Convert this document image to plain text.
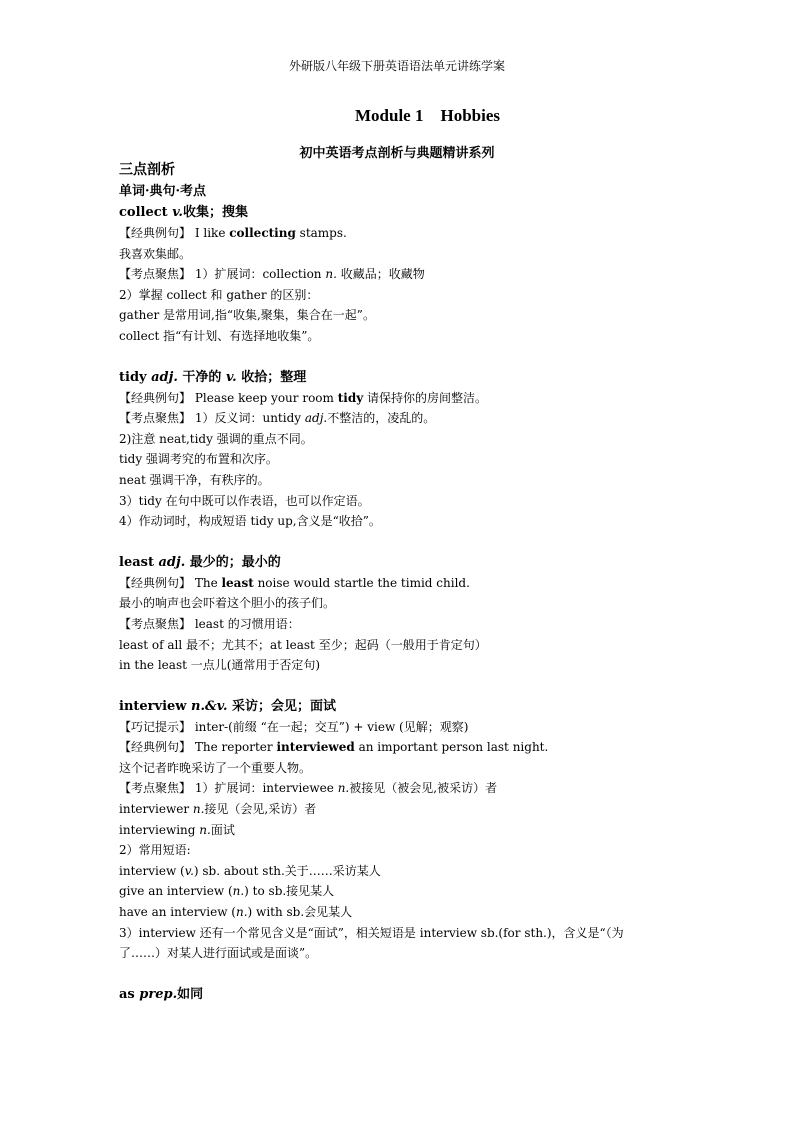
外研版八年级下册英语语法单元讲练学案
Module 1    Hobbies
初中英语考点剖析与典题精讲系列
三点剖析
单词·典句·考点
collect v.收集；搜集
【经典例句】 I like collecting stamps.
我喜欢集邮。
【考点聚焦】 1）扩展词：collection n. 收藏品；收藏物
2）掌握 collect 和 gather 的区别：
gather 是常用词,指“收集,聚集，集合在一起”。
collect 指“有计划、有选择地收集”。
tidy adj. 干净的 v. 收拾；整理
【经典例句】 Please keep your room tidy 请保持你的房间整洁。
【考点聚焦】 1）反义词：untidy adj.不整洁的，凌乱的。
2)注意 neat,tidy 强调的重点不同。
tidy 强调考究的布置和次序。
neat 强调干净，有秩序的。
3）tidy 在句中既可以作表语，也可以作定语。
4）作动词时，构成短语 tidy up,含义是“收拾”。
least adj. 最少的；最小的
【经典例句】 The least noise would startle the timid child.
最小的响声也会吓着这个胆小的孩子们。
【考点聚焦】 least 的习惯用语：
least of all 最不；尤其不；at least 至少；起码（一般用于肯定句）
in the least 一点儿(通常用于否定句)
interview n.&v. 采访；会见；面试
【巧记提示】 inter-(前缀 “在一起；交互”) + view (见解；观察)
【经典例句】 The reporter interviewed an important person last night.
这个记者昨晚采访了一个重要人物。
【考点聚焦】 1）扩展词：interviewee n.被接见（被会见,被采访）者
interviewer n.接见（会见,采访）者
interviewing n.面试
2）常用短语:
interview (v.) sb. about sth.关于……采访某人
give an interview (n.) to sb.接见某人
have an interview (n.) with sb.会见某人
3）interview 还有一个常见含义是“面试”，相关短语是 interview sb.(for sth.)，含义是“（为
了……）对某人进行面试或是面谈”。
as prep.如同
